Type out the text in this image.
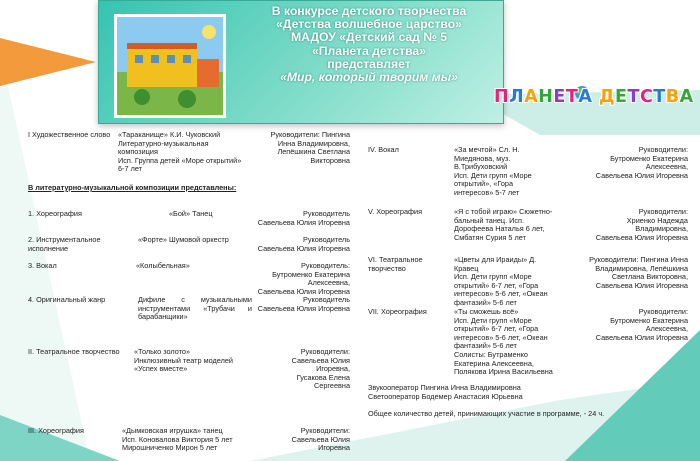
В конкурсе детского творчества
«Детства волшебное царство»
МАДОУ «Детский сад № 5
«Планета детства»
представляет
«Мир, который творим мы»
ПЛАНЕТА ДЕТСТВА
I Художественное слово	«Тараканище» К.И. Чуковский
Литературно-музыкальная
композиция
Исп. Группа детей «Море открытий»
6-7 лет
Руководители: Пингина
Инна Владимировна,
Лепёшкина Светлана
Викторовна
В литературно-музыкальной композиции представлены:
1. Хореография	«Бой» Танец	Руководитель
Савельева Юлия Игоревна
2. Инструментальное
исполнение
«Форте» Шумовой оркестр	Руководитель
Савельева Юлия Игоревна
3. Вокал	«Колыбельная»	Руководитель:
Бутроменко Екатерина
Алексеевна,
Савельева Юлия Игоревна
4. Оригинальный жанр	Дифиле с музыкальными
инструментами «Трубачи и
барабанщики»
Руководитель
Савельева Юлия Игоревна
II. Театральное творчество	«Только золото»
Инклюзивный театр моделей
«Успех вместе»
Руководители:
Савельева Юлия
Игоревна,
Гусакова Елена
Сергеевна
III. Хореография	«Дымковская игрушка» танец
Исп. Коновалова Виктория 5 лет
Мирошниченко Мирон 5 лет
Руководители:
Савельева Юлия
Игоревна
IV. Вокал	«За мечтой» Сл. Н.
Миедянова, муз.
В.Трибуховский
Исп. Дети групп «Море
открытий», «Гора
интересов» 5-7 лет
Руководители:
Бутроменко Екатерина
Алексеевна,
Савельева Юлия Игоревна
V. Хореография	«Я с тобой играю» Сюжетно-
бальный танец. Исп.
Дорофеева Наталья 6 лет,
Смбатян Сурия 5 лет
Руководители:
Хриенко Надежда
Владимировна,
Савельева Юлия Игоревна
VI. Театральное
творчество
«Цветы для Ираиды» Д.
Кравец
Исп. Дети групп «Море
открытий» 6-7 лет, «Гора
интересов» 5-6 лет, «Океан
фантазий» 5-6 лет
Руководители: Пингина Инна
Владимировна, Лепёшкина
Светлана Викторовна,
Савельева Юлия Игоревна
VII. Хореография	«Ты сможешь всё»
Исп. Дети групп «Море
открытий» 6-7 лет, «Гора
интересов» 5-6 лет, «Океан
фантазий» 5-6 лет
Солисты: Бутраменко
Екатерина Алексеевна,
Полякова Ирина Васильевна
Руководители:
Бутроменко Екатерина
Алексеевна,
Савельева Юлия Игоревна
Звукооператор Пингина Инна Владимировна
Светооператор Бодемер Анастасия Юрьевна
Общее количество детей, принимающих участие в программе, - 24 ч.
